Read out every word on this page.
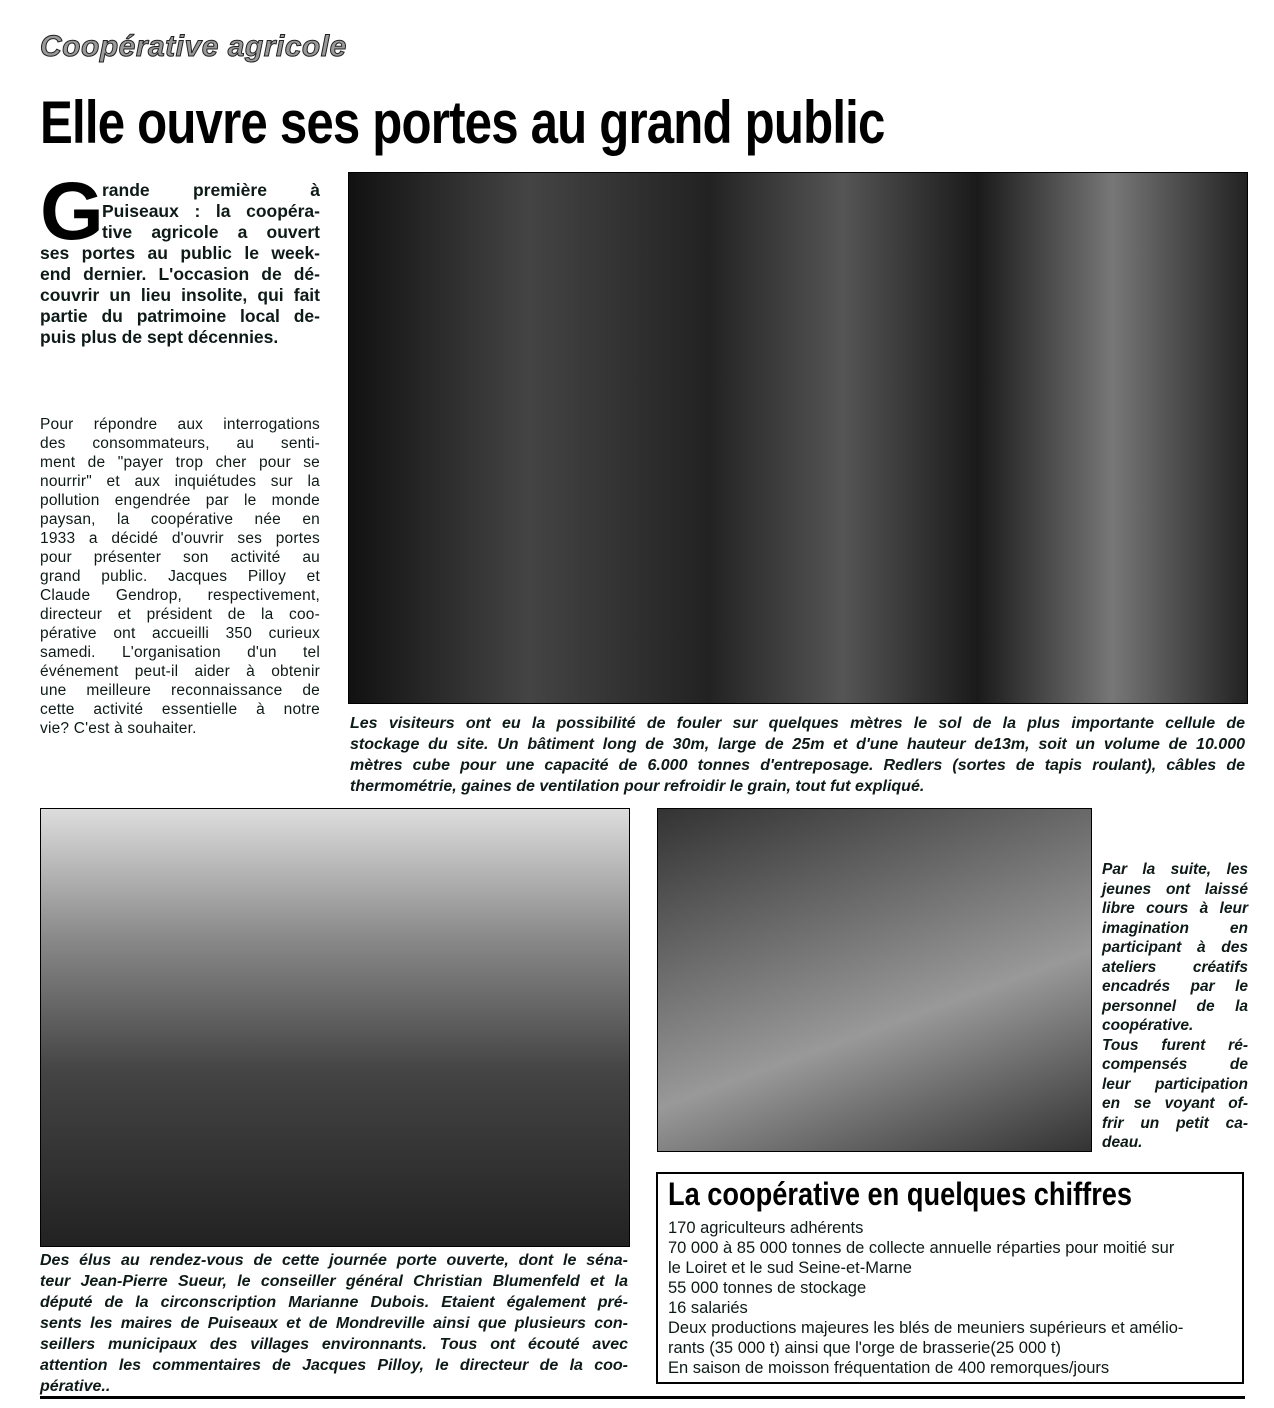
Coopérative agricole
Elle ouvre ses portes au grand public
G
rande première à
Puiseaux : la coopéra-
tive agricole a ouvert
ses portes au public le week-
end dernier. L'occasion de dé-
couvrir un lieu insolite, qui fait
partie du patrimoine local de-
puis plus de sept décennies.
Pour répondre aux interrogations
des consommateurs, au senti-
ment de "payer trop cher pour se
nourrir" et aux inquiétudes sur la
pollution engendrée par le monde
paysan, la coopérative née en
1933 a décidé d'ouvrir ses portes
pour présenter son activité au
grand public. Jacques Pilloy et
Claude Gendrop, respectivement,
directeur et président de la coo-
pérative ont accueilli 350 curieux
samedi. L'organisation d'un tel
événement peut-il aider à obtenir
une meilleure reconnaissance de
cette activité essentielle à notre
vie? C'est à souhaiter.	Les visiteurs ont eu la possibilité de fouler sur quelques mètres le sol de la plus importante cellule de
stockage du site. Un bâtiment long de 30m, large de 25m et d'une hauteur de13m, soit un volume de 10.000
mètres cube pour une capacité de 6.000 tonnes d'entreposage. Redlers (sortes de tapis roulant), câbles de
thermométrie, gaines de ventilation pour refroidir le grain, tout fut expliqué.
Des élus au rendez-vous de cette journée porte ouverte, dont le séna-
teur Jean-Pierre Sueur, le conseiller général Christian Blumenfeld et la
député de la circonscription Marianne Dubois. Etaient également pré-
sents les maires de Puiseaux et de Mondreville ainsi que plusieurs con-
seillers municipaux des villages environnants. Tous ont écouté avec
attention les commentaires de Jacques Pilloy, le directeur de la coo-
pérative..
Par la suite, les
jeunes ont laissé
libre cours à leur
imagination en
participant à des
ateliers créatifs
encadrés par le
personnel de la
coopérative.
Tous furent ré-
compensés de
leur participation
en se voyant of-
frir un petit ca-
deau.
La coopérative en quelques chiffres
170 agriculteurs adhérents
70 000 à 85 000 tonnes de collecte annuelle réparties pour moitié sur
le Loiret et le sud Seine-et-Marne
55 000 tonnes de stockage
16 salariés
Deux productions majeures les blés de meuniers supérieurs et amélio-
rants (35 000 t) ainsi que l'orge de brasserie(25 000 t)
En saison de moisson fréquentation de 400 remorques/jours
